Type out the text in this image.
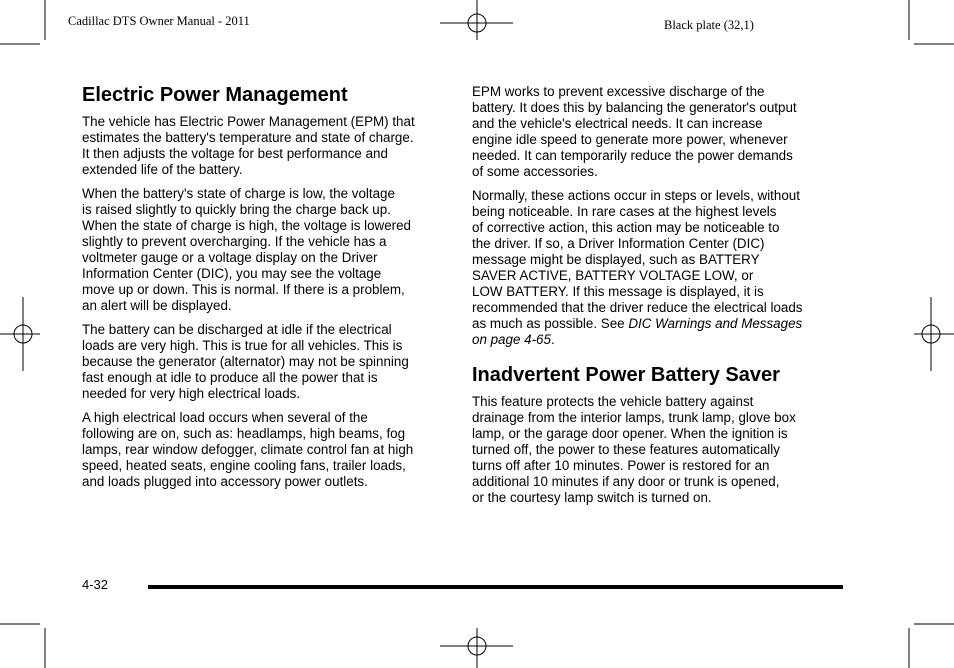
Cadillac DTS Owner Manual - 2011	Black plate (32,1)
Electric Power Management

The vehicle has Electric Power Management (EPM) that
estimates the battery's temperature and state of charge.
It then adjusts the voltage for best performance and
extended life of the battery.

When the battery's state of charge is low, the voltage
is raised slightly to quickly bring the charge back up.
When the state of charge is high, the voltage is lowered
slightly to prevent overcharging. If the vehicle has a
voltmeter gauge or a voltage display on the Driver
Information Center (DIC), you may see the voltage
move up or down. This is normal. If there is a problem,
an alert will be displayed.

The battery can be discharged at idle if the electrical
loads are very high. This is true for all vehicles. This is
because the generator (alternator) may not be spinning
fast enough at idle to produce all the power that is
needed for very high electrical loads.

A high electrical load occurs when several of the
following are on, such as: headlamps, high beams, fog
lamps, rear window defogger, climate control fan at high
speed, heated seats, engine cooling fans, trailer loads,
and loads plugged into accessory power outlets.

EPM works to prevent excessive discharge of the
battery. It does this by balancing the generator's output
and the vehicle's electrical needs. It can increase
engine idle speed to generate more power, whenever
needed. It can temporarily reduce the power demands
of some accessories.

Normally, these actions occur in steps or levels, without
being noticeable. In rare cases at the highest levels
of corrective action, this action may be noticeable to
the driver. If so, a Driver Information Center (DIC)
message might be displayed, such as BATTERY
SAVER ACTIVE, BATTERY VOLTAGE LOW, or
LOW BATTERY. If this message is displayed, it is
recommended that the driver reduce the electrical loads
as much as possible. See DIC Warnings and Messages
on page 4‑65.

Inadvertent Power Battery Saver

This feature protects the vehicle battery against
drainage from the interior lamps, trunk lamp, glove box
lamp, or the garage door opener. When the ignition is
turned off, the power to these features automatically
turns off after 10 minutes. Power is restored for an
additional 10 minutes if any door or trunk is opened,
or the courtesy lamp switch is turned on.

4-32
